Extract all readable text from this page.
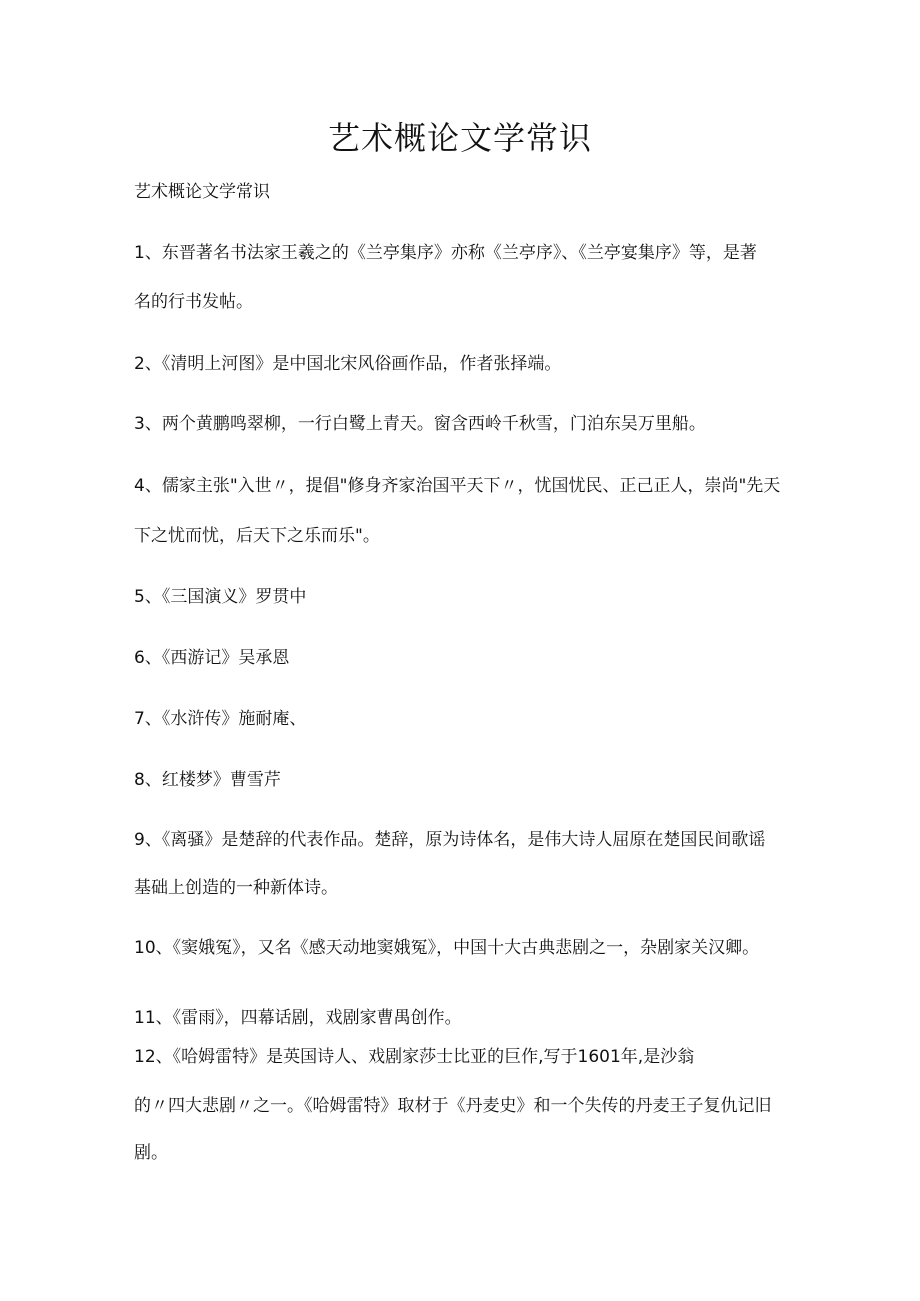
艺术概论文学常识
艺术概论文学常识
1、东晋著名书法家王羲之的《兰亭集序》亦称《兰亭序》、《兰亭宴集序》等，是著
名的行书发帖。
2、《清明上河图》是中国北宋风俗画作品，作者张择端。
3、两个黄鹏鸣翠柳，一行白鹭上青天。窗含西岭千秋雪，门泊东吴万里船。
4、儒家主张"入世〃，提倡"修身齐家治国平天下〃，忧国忧民、正己正人，崇尚"先天
下之忧而忧，后天下之乐而乐"。
5、《三国演义》罗贯中
6、《西游记》吴承恩
7、《水浒传》施耐庵、
8、红楼梦》曹雪芹
9、《离骚》是楚辞的代表作品。楚辞，原为诗体名，是伟大诗人屈原在楚国民间歌谣
基础上创造的一种新体诗。
10、《窦娥冤》，又名《感天动地窦娥冤》，中国十大古典悲剧之一，杂剧家关汉卿。
11、《雷雨》，四幕话剧，戏剧家曹禺创作。
12、《哈姆雷特》是英国诗人、戏剧家莎士比亚的巨作,写于1601年,是沙翁
的〃四大悲剧〃之一。《哈姆雷特》取材于《丹麦史》和一个失传的丹麦王子复仇记旧
剧。
